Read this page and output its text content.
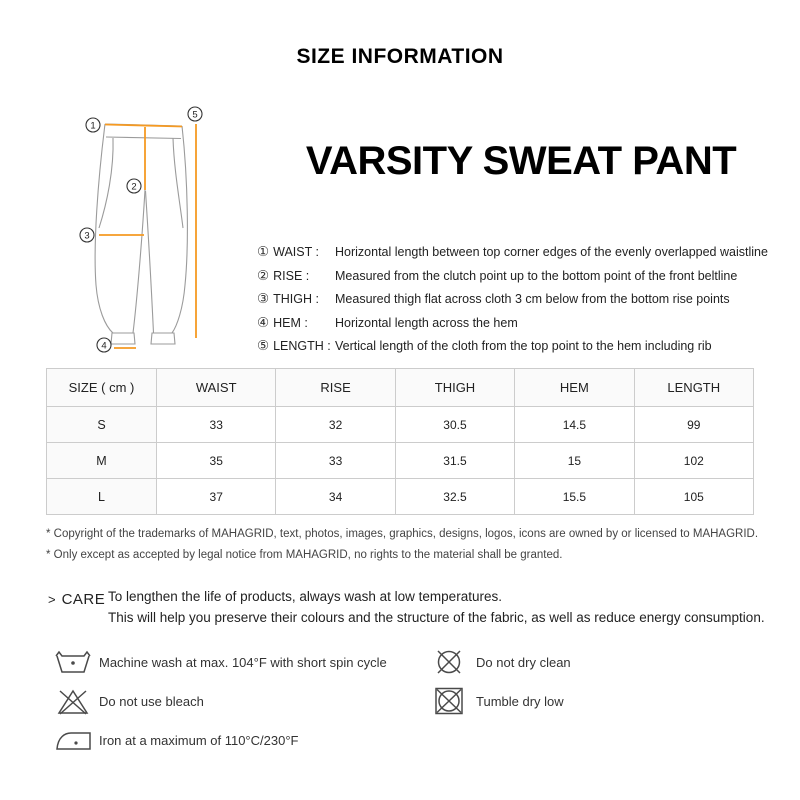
SIZE INFORMATION
1
2
3
4
5
VARSITY SWEAT PANT
① WAIST :	Horizontal length between top corner edges of the evenly overlapped waistline
② RISE :	Measured from the clutch point up to the bottom point of the front beltline
③ THIGH :	Measured thigh flat across cloth 3 cm below from the bottom rise points
④ HEM :	Horizontal length across the hem
⑤ LENGTH : Vertical length of the cloth from the top point to the hem including rib
SIZE ( cm )	WAIST	RISE	THIGH	HEM	LENGTH
S	33	32	30.5	14.5	99
M	35	33	31.5	15	102
L	37	34	32.5	15.5	105
* Copyright of the trademarks of MAHAGRID, text, photos, images, graphics, designs, logos, icons are owned by or licensed to MAHAGRID.
* Only except as accepted by legal notice from MAHAGRID, no rights to the material shall be granted.
> CARE To lengthen the life of products, always wash at low temperatures.
This will help you preserve their colours and the structure of the fabric, as well as reduce energy consumption.
Machine wash at max. 104°F with short spin cycle
Do not use bleach
Iron at a maximum of 110°C/230°F
Do not dry clean
Tumble dry low
